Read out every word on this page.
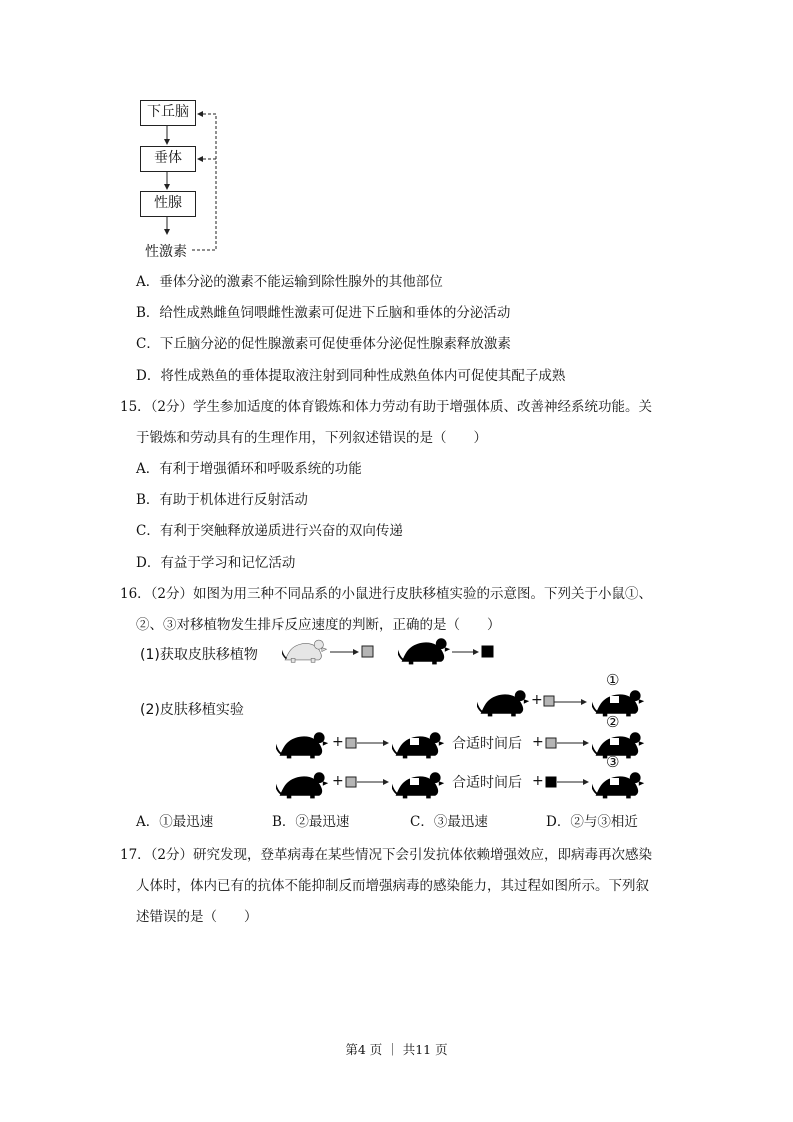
下丘脑
垂体
性腺
性激素
A．垂体分泌的激素不能运输到除性腺外的其他部位
B．给性成熟雌鱼饲喂雌性激素可促进下丘脑和垂体的分泌活动
C．下丘脑分泌的促性腺激素可促使垂体分泌促性腺素释放激素
D．将性成熟鱼的垂体提取液注射到同种性成熟鱼体内可促使其配子成熟
15．（2分）学生参加适度的体育锻炼和体力劳动有助于增强体质、改善神经系统功能。关
于锻炼和劳动具有的生理作用，下列叙述错误的是（　　）
A．有利于增强循环和呼吸系统的功能
B．有助于机体进行反射活动
C．有利于突触释放递质进行兴奋的双向传递
D．有益于学习和记忆活动
16．（2分）如图为用三种不同品系的小鼠进行皮肤移植实验的示意图。下列关于小鼠①、
②、③对移植物发生排斥反应速度的判断，正确的是（　　）
(1)获取皮肤移植物
(2)皮肤移植实验
+
+	+
+	+
合适时间后
合适时间后
①
②
③
A．①最迅速	B．②最迅速	C．③最迅速	D．②与③相近
17．（2分）研究发现，登革病毒在某些情况下会引发抗体依赖增强效应，即病毒再次感染
人体时，体内已有的抗体不能抑制反而增强病毒的感染能力，其过程如图所示。下列叙
述错误的是（　　）
第4 页 ｜ 共11 页
